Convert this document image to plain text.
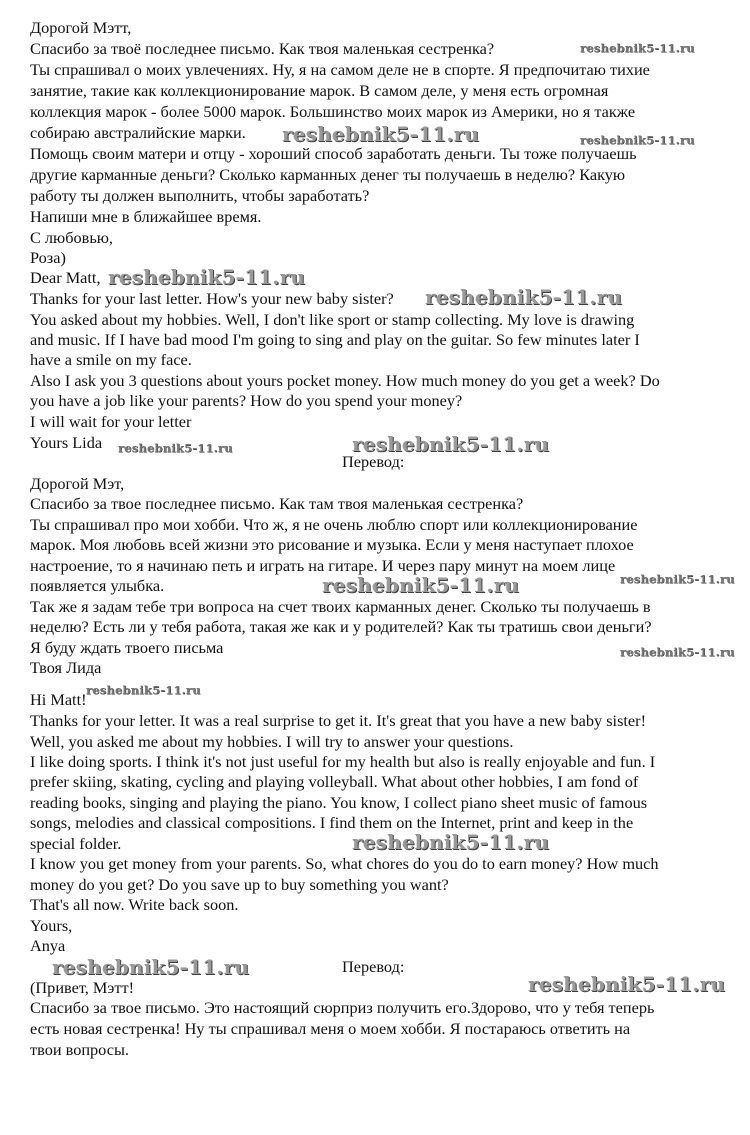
Дорогой Мэтт,
Спасибо за твоё последнее письмо. Как твоя маленькая сестренка?
Ты спрашивал о моих увлечениях. Ну, я на самом деле не в спорте. Я предпочитаю тихие
занятие, такие как коллекционирование марок. В самом деле, у меня есть огромная
коллекция марок - более 5000 марок. Большинство моих марок из Америки, но я также
собираю австралийские марки.
Помощь своим матери и отцу - хороший способ заработать деньги. Ты тоже получаешь
другие карманные деньги? Сколько карманных денег ты получаешь в неделю? Какую
работу ты должен выполнить, чтобы заработать?
Напиши мне в ближайшее время.
С любовью,
Роза)
Dear Matt,
Thanks for your last letter. How's your new baby sister?
You asked about my hobbies. Well, I don't like sport or stamp collecting. My love is drawing
and music. If I have bad mood I'm going to sing and play on the guitar. So few minutes later I
have a smile on my face.
Also I ask you 3 questions about yours pocket money. How much money do you get a week? Do
you have a job like your parents? How do you spend your money?
I will wait for your letter
Yours Lida
Перевод:
Дорогой Мэт,
Спасибо за твое последнее письмо. Как там твоя маленькая сестренка?
Ты спрашивал про мои хобби. Что ж, я не очень люблю спорт или коллекционирование
марок. Моя любовь всей жизни это рисование и музыка. Если у меня наступает плохое
настроение, то я начинаю петь и играть на гитаре. И через пару минут на моем лице
появляется улыбка.
Так же я задам тебе три вопроса на счет твоих карманных денег. Сколько ты получаешь в
неделю? Есть ли у тебя работа, такая же как и у родителей? Как ты тратишь свои деньги?
Я буду ждать твоего письма
Твоя Лида
Hi Matt!
Thanks for your letter. It was a real surprise to get it. It's great that you have a new baby sister!
Well, you asked me about my hobbies. I will try to answer your questions.
I like doing sports. I think it's not just useful for my health but also is really enjoyable and fun. I
prefer skiing, skating, cycling and playing volleyball. What about other hobbies, I am fond of
reading books, singing and playing the piano. You know, I collect piano sheet music of famous
songs, melodies and classical compositions. I find them on the Internet, print and keep in the
special folder.
I know you get money from your parents. So, what chores do you do to earn money? How much
money do you get? Do you save up to buy something you want?
That's all now. Write back soon.
Yours,
Anya
Перевод:
(Привет, Мэтт!
Спасибо за твое письмо. Это настоящий сюрприз получить его.Здорово, что у тебя теперь
есть новая сестренка! Ну ты спрашивал меня о моем хобби. Я постараюсь ответить на
твои вопросы.
reshebnik5-11.ru
reshebnik5-11.ru	reshebnik5-11.ru
reshebnik5-11.ru
reshebnik5-11.ru
reshebnik5-11.ru	reshebnik5-11.ru
reshebnik5-11.ru	reshebnik5-11.ru
reshebnik5-11.ru
reshebnik5-11.ru
reshebnik5-11.ru
reshebnik5-11.ru
reshebnik5-11.ru
